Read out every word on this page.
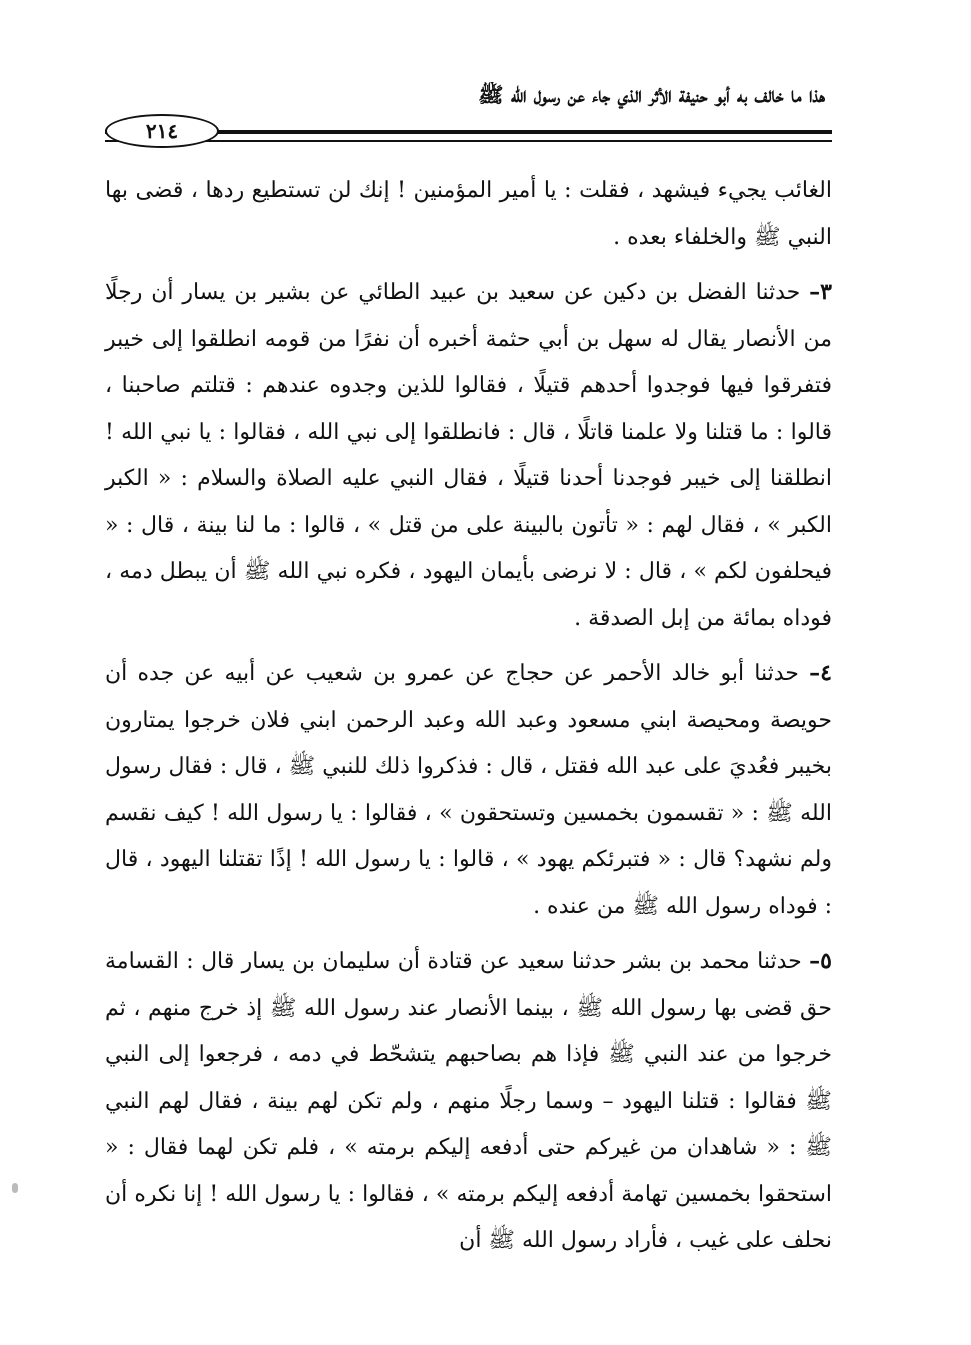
هذا ما خالف به أبو حنيفة الأثر الذي جاء عن رسول الله ﷺ
٢١٤

الغائب يجيء فيشهد ، فقلت : يا أمير المؤمنين ! إنك لن تستطيع ردها ، قضى بها النبي ﷺ والخلفاء بعده .

٣– حدثنا الفضل بن دكين عن سعيد بن عبيد الطائي عن بشير بن يسار أن رجلًا من الأنصار يقال له سهل بن أبي حثمة أخبره أن نفرًا من قومه انطلقوا إلى خيبر فتفرقوا فيها فوجدوا أحدهم قتيلًا ، فقالوا للذين وجدوه عندهم : قتلتم صاحبنا ، قالوا : ما قتلنا ولا علمنا قاتلًا ، قال : فانطلقوا إلى نبي الله ، فقالوا : يا نبي الله ! انطلقنا إلى خيبر فوجدنا أحدنا قتيلًا ، فقال النبي عليه الصلاة والسلام : « الكبر الكبر » ، فقال لهم : « تأتون بالبينة على من قتل » ، قالوا : ما لنا بينة ، قال : « فيحلفون لكم » ، قال : لا نرضى بأيمان اليهود ، فكره نبي الله ﷺ أن يبطل دمه ، فوداه بمائة من إبل الصدقة .

٤– حدثنا أبو خالد الأحمر عن حجاج عن عمرو بن شعيب عن أبيه عن جده أن حويصة ومحيصة ابني مسعود وعبد الله وعبد الرحمن ابني فلان خرجوا يمتارون بخيبر فعُديَ على عبد الله فقتل ، قال : فذكروا ذلك للنبي ﷺ ، قال : فقال رسول الله ﷺ : « تقسمون بخمسين وتستحقون » ، فقالوا : يا رسول الله ! كيف نقسم ولم نشهد؟ قال : « فتبرئكم يهود » ، قالوا : يا رسول الله ! إذًا تقتلنا اليهود ، قال : فوداه رسول الله ﷺ من عنده .

٥– حدثنا محمد بن بشر حدثنا سعيد عن قتادة أن سليمان بن يسار قال : القسامة حق قضى بها رسول الله ﷺ ، بينما الأنصار عند رسول الله ﷺ إذ خرج منهم ، ثم خرجوا من عند النبي ﷺ فإذا هم بصاحبهم يتشحّط في دمه ، فرجعوا إلى النبي ﷺ فقالوا : قتلنا اليهود – وسما رجلًا منهم ، ولم تكن لهم بينة ، فقال لهم النبي ﷺ : « شاهدان من غيركم حتى أدفعه إليكم برمته » ، فلم تكن لهما فقال : « استحقوا بخمسين تهامة أدفعه إليكم برمته » ، فقالوا : يا رسول الله ! إنا نكره أن نحلف على غيب ، فأراد رسول الله ﷺ أن
